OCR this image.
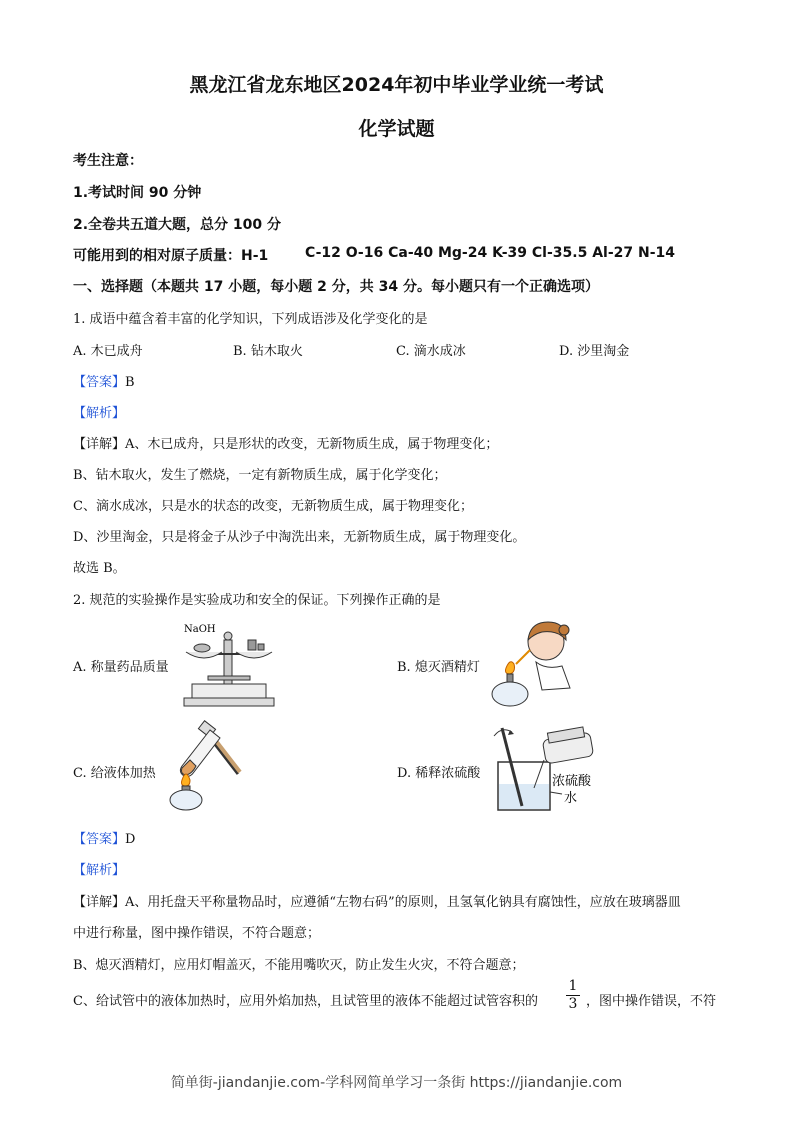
黑龙江省龙东地区2024年初中毕业学业统一考试
化学试题
考生注意：
1.考试时间 90 分钟
2.全卷共五道大题，总分 100 分
可能用到的相对原子质量：H-1	C-12 O-16 Ca-40 Mg-24 K-39 Cl-35.5 Al-27 N-14
一、选择题（本题共 17 小题，每小题 2 分，共 34 分。每小题只有一个正确选项）
1. 成语中蕴含着丰富的化学知识，下列成语涉及化学变化的是
A. 木已成舟	B. 钻木取火	C. 滴水成冰	D. 沙里淘金
【答案】B
【解析】
【详解】A、木已成舟，只是形状的改变，无新物质生成，属于物理变化；
B、钻木取火，发生了燃烧，一定有新物质生成，属于化学变化；
C、滴水成冰，只是水的状态的改变，无新物质生成，属于物理变化；
D、沙里淘金，只是将金子从沙子中淘洗出来，无新物质生成，属于物理变化。
故选 B。
2. 规范的实验操作是实验成功和安全的保证。下列操作正确的是
A. 称量药品质量	B. 熄灭酒精灯
C. 给液体加热	D. 稀释浓硫酸
NaOH
浓硫酸
水
【答案】D
【解析】
【详解】A、用托盘天平称量物品时，应遵循“左物右码”的原则，且氢氧化钠具有腐蚀性，应放在玻璃器皿
中进行称量，图中操作错误，不符合题意；
B、熄灭酒精灯，应用灯帽盖灭，不能用嘴吹灭，防止发生火灾，不符合题意；
C、给试管中的液体加热时，应用外焰加热，且试管里的液体不能超过试管容积的 $\frac{1}{3}$ ，图中操作错误，不符
简单街-jiandanjie.com-学科网简单学习一条街 https://jiandanjie.com
